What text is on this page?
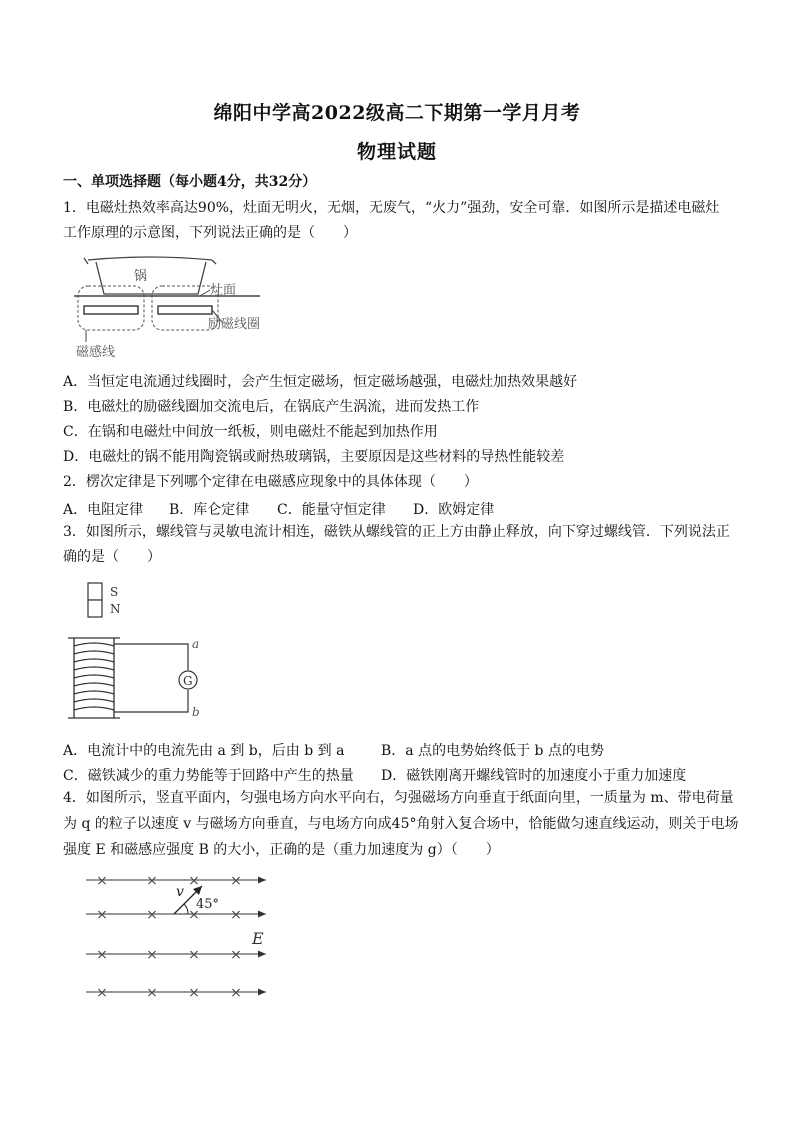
绵阳中学高2022级高二下期第一学月月考
物理试题
一、单项选择题（每小题4分，共32分）
1．电磁灶热效率高达90%，灶面无明火，无烟，无废气，“火力”强劲，安全可靠．如图所示是描述电磁灶
工作原理的示意图，下列说法正确的是（　　）
锅
灶面
励磁线圈
磁感线
A．当恒定电流通过线圈时，会产生恒定磁场，恒定磁场越强，电磁灶加热效果越好
B．电磁灶的励磁线圈加交流电后，在锅底产生涡流，进而发热工作
C．在锅和电磁灶中间放一纸板，则电磁灶不能起到加热作用
D．电磁灶的锅不能用陶瓷锅或耐热玻璃锅，主要原因是这些材料的导热性能较差
2．楞次定律是下列哪个定律在电磁感应现象中的具体体现（　　）
A．电阻定律 B．库仑定律 C．能量守恒定律 D．欧姆定律
3．如图所示，螺线管与灵敏电流计相连，磁铁从螺线管的正上方由静止释放，向下穿过螺线管．下列说法正
确的是（　　）
S
N
G
a
b
A．电流计中的电流先由 a 到 b，后由 b 到 a	B．a 点的电势始终低于 b 点的电势
C．磁铁减少的重力势能等于回路中产生的热量 D．磁铁刚离开螺线管时的加速度小于重力加速度
4．如图所示，竖直平面内，匀强电场方向水平向右，匀强磁场方向垂直于纸面向里，一质量为 m、带电荷量
为 q 的粒子以速度 v 与磁场方向垂直，与电场方向成45°角射入复合场中，恰能做匀速直线运动，则关于电场
强度 E 和磁感应强度 B 的大小，正确的是（重力加速度为 g）（　　）
×	× × ×
×	× × ×
×	× × ×
×	× × ×
v
45°
E
